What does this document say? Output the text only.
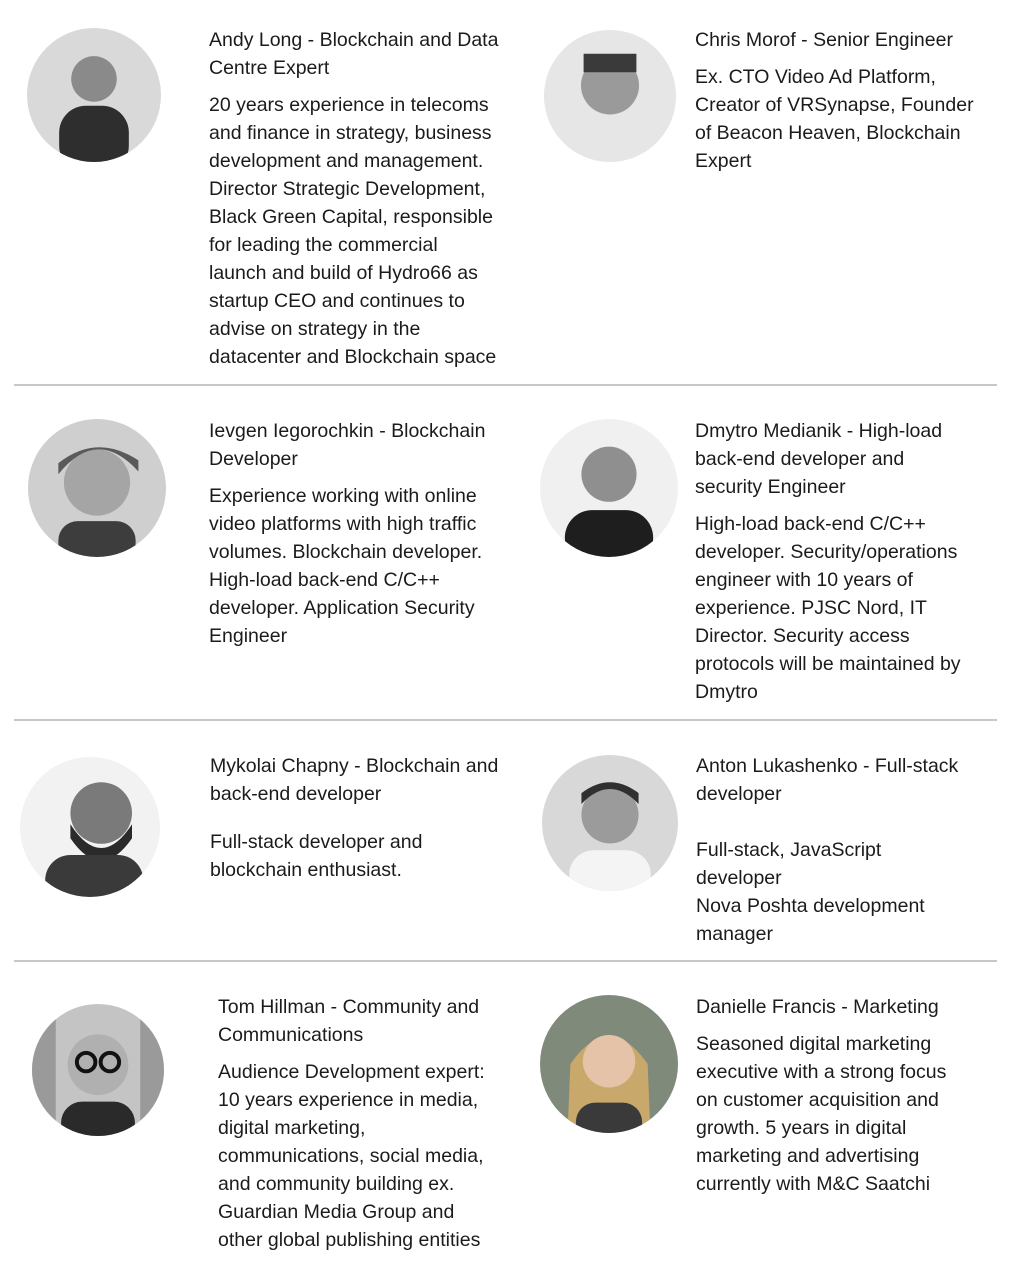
Andy Long - Blockchain and Data
Centre Expert

20 years experience in telecoms
and finance in strategy, business
development and management.
Director Strategic Development,
Black Green Capital, responsible
for leading the commercial
launch and build of Hydro66 as
startup CEO and continues to
advise on strategy in the
datacenter and Blockchain space

Chris Morof - Senior Engineer

Ex. CTO Video Ad Platform,
Creator of VRSynapse, Founder
of Beacon Heaven, Blockchain
Expert

Ievgen Iegorochkin - Blockchain
Developer

Experience working with online
video platforms with high traffic
volumes. Blockchain developer.
High-load back-end C/C++
developer. Application Security
Engineer

Dmytro Medianik - High-load
back-end developer and
security Engineer

High-load back-end C/C++
developer. Security/operations
engineer with 10 years of
experience. PJSC Nord, IT
Director. Security access
protocols will be maintained by
Dmytro

Mykolai Chapny - Blockchain and
back-end developer

Full-stack developer and
blockchain enthusiast.

Anton Lukashenko - Full-stack
developer

Full-stack, JavaScript
developer
Nova Poshta development
manager

Tom Hillman - Community and
Communications

Audience Development expert:
10 years experience in media,
digital marketing,
communications, social media,
and community building ex.
Guardian Media Group and
other global publishing entities

Danielle Francis - Marketing

Seasoned digital marketing
executive with a strong focus
on customer acquisition and
growth. 5 years in digital
marketing and advertising
currently with M&C Saatchi
